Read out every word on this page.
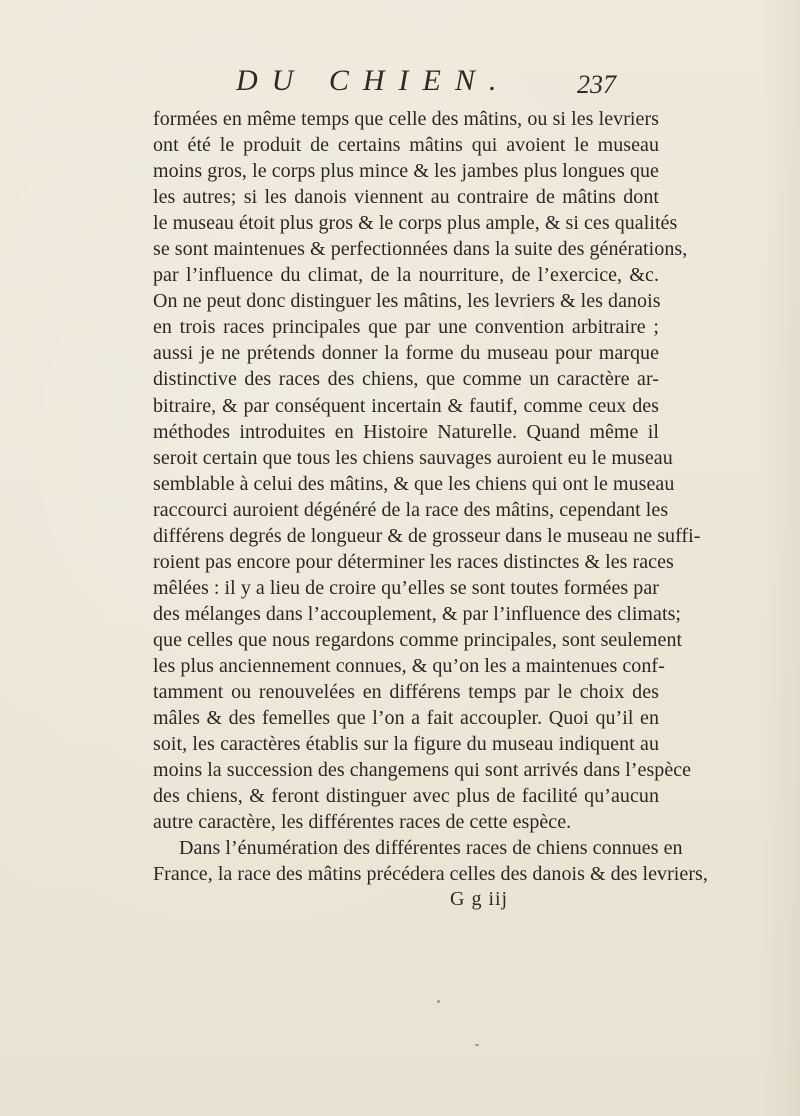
DU CHIEN.	237
formées en même temps que celle des mâtins, ou si les levriers
ont été le produit de certains mâtins qui avoient le museau
moins gros, le corps plus mince & les jambes plus longues que
les autres; si les danois viennent au contraire de mâtins dont
le museau étoit plus gros & le corps plus ample, & si ces qualités
se sont maintenues & perfectionnées dans la suite des générations,
par l’influence du climat, de la nourriture, de l’exercice, &c.
On ne peut donc distinguer les mâtins, les levriers & les danois
en trois races principales que par une convention arbitraire ;
aussi je ne prétends donner la forme du museau pour marque
distinctive des races des chiens, que comme un caractère ar-
bitraire, & par conséquent incertain & fautif, comme ceux des
méthodes introduites en Histoire Naturelle. Quand même il
seroit certain que tous les chiens sauvages auroient eu le museau
semblable à celui des mâtins, & que les chiens qui ont le museau
raccourci auroient dégénéré de la race des mâtins, cependant les
différens degrés de longueur & de grosseur dans le museau ne suffi-
roient pas encore pour déterminer les races distinctes & les races
mêlées : il y a lieu de croire qu’elles se sont toutes formées par
des mélanges dans l’accouplement, & par l’influence des climats;
que celles que nous regardons comme principales, sont seulement
les plus anciennement connues, & qu’on les a maintenues conf-
tamment ou renouvelées en différens temps par le choix des
mâles & des femelles que l’on a fait accoupler. Quoi qu’il en
soit, les caractères établis sur la figure du museau indiquent au
moins la succession des changemens qui sont arrivés dans l’espèce
des chiens, & feront distinguer avec plus de facilité qu’aucun
autre caractère, les différentes races de cette espèce.
Dans l’énumération des différentes races de chiens connues en
France, la race des mâtins précédera celles des danois & des levriers,
G g iij
